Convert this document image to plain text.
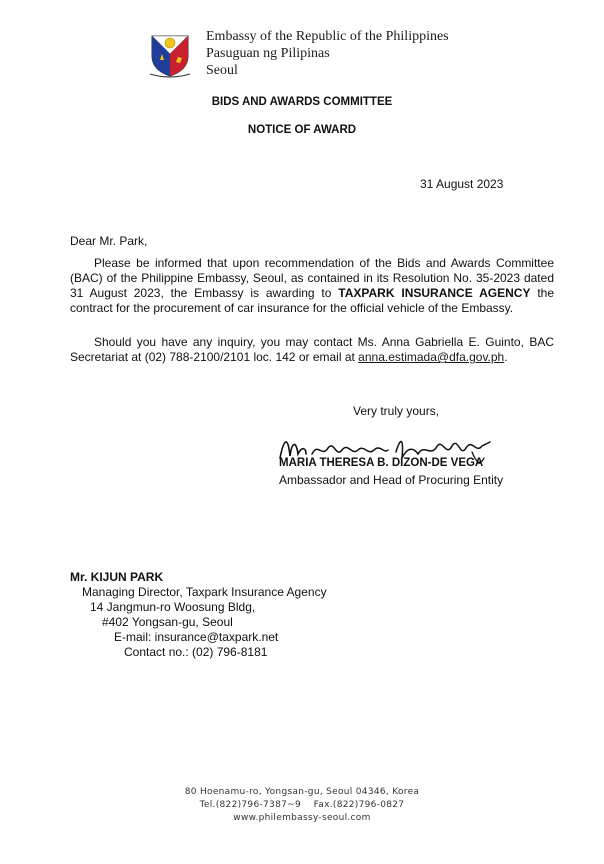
Embassy of the Republic of the Philippines
Pasuguan ng Pilipinas
Seoul
BIDS AND AWARDS COMMITTEE
NOTICE OF AWARD
31 August 2023
Dear Mr. Park,

Please be informed that upon recommendation of the Bids and Awards Committee (BAC) of the Philippine Embassy, Seoul, as contained in its Resolution No. 35-2023 dated 31 August 2023, the Embassy is awarding to TAXPARK INSURANCE AGENCY the contract for the procurement of car insurance for the official vehicle of the Embassy.

Should you have any inquiry, you may contact Ms. Anna Gabriella E. Guinto, BAC Secretariat at (02) 788-2100/2101 loc. 142 or email at anna.estimada@dfa.gov.ph.

Very truly yours,
MARIA THERESA B. DIZON-DE VEGA
Ambassador and Head of Procuring Entity
Mr. KIJUN PARK
Managing Director, Taxpark Insurance Agency
14 Jangmun-ro Woosung Bldg,
#402 Yongsan-gu, Seoul
E-mail: insurance@taxpark.net
Contact no.: (02) 796-8181
80 Hoenamu-ro, Yongsan-gu, Seoul 04346, Korea
Tel.(822)796-7387~9    Fax.(822)796-0827
www.philembassy-seoul.com
